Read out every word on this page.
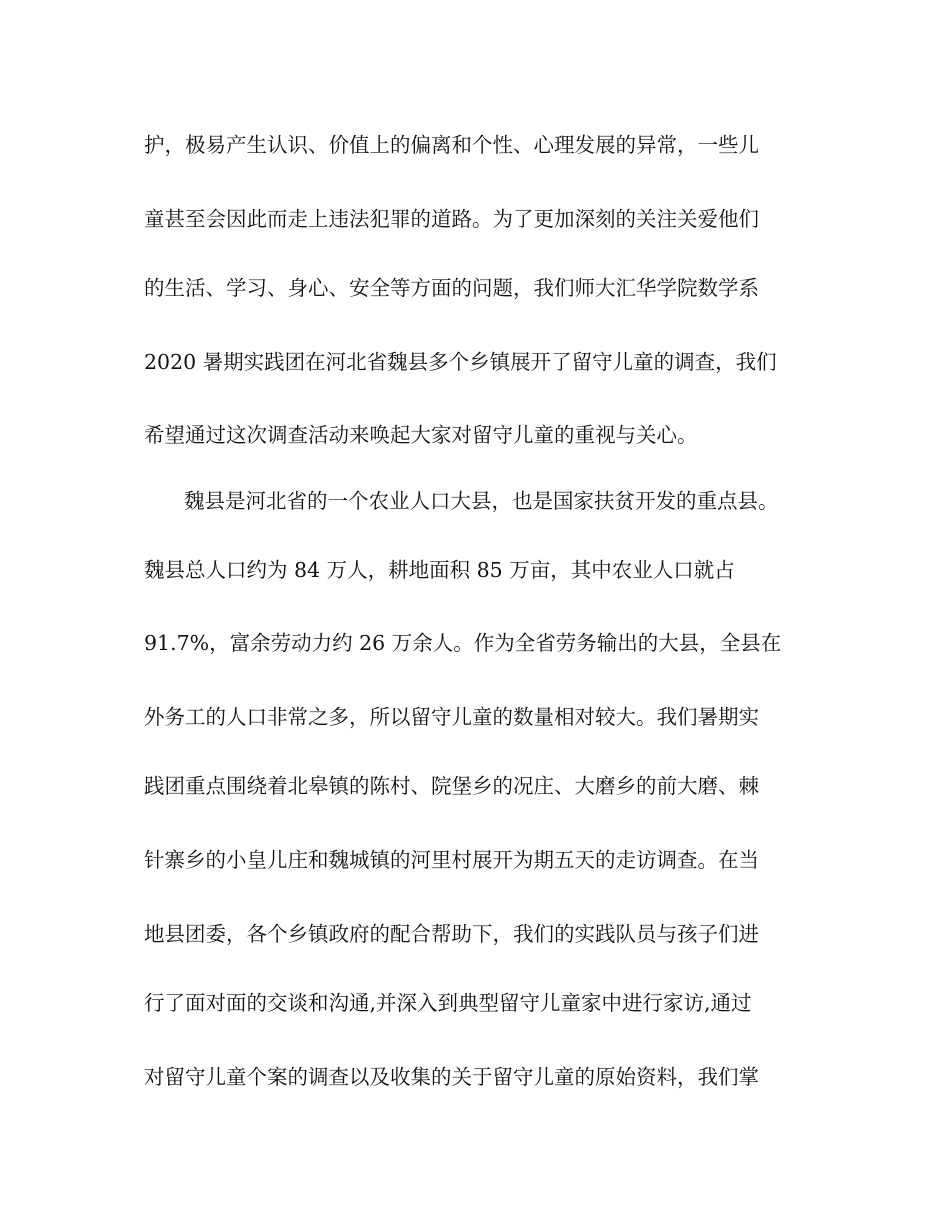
护，极易产生认识、价值上的偏离和个性、心理发展的异常，一些儿
童甚至会因此而走上违法犯罪的道路。为了更加深刻的关注关爱他们
的生活、学习、身心、安全等方面的问题，我们师大汇华学院数学系
2020 暑期实践团在河北省魏县多个乡镇展开了留守儿童的调查，我们
希望通过这次调查活动来唤起大家对留守儿童的重视与关心。
魏县是河北省的一个农业人口大县，也是国家扶贫开发的重点县。
魏县总人口约为 84 万人，耕地面积 85 万亩，其中农业人口就占
91.7%，富余劳动力约 26 万余人。作为全省劳务输出的大县，全县在
外务工的人口非常之多，所以留守儿童的数量相对较大。我们暑期实
践团重点围绕着北皋镇的陈村、院堡乡的况庄、大磨乡的前大磨、棘
针寨乡的小皇儿庄和魏城镇的河里村展开为期五天的走访调查。在当
地县团委，各个乡镇政府的配合帮助下，我们的实践队员与孩子们进
行了面对面的交谈和沟通,并深入到典型留守儿童家中进行家访,通过
对留守儿童个案的调查以及收集的关于留守儿童的原始资料，我们掌
